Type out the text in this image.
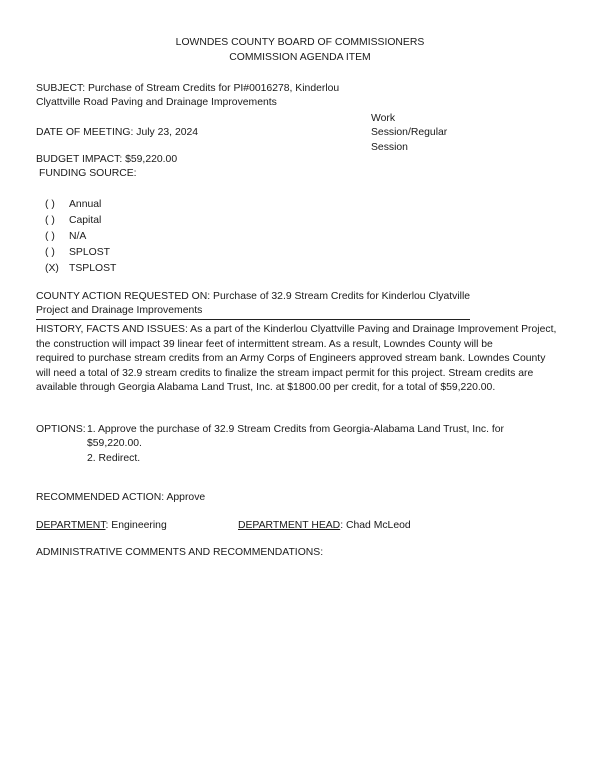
LOWNDES COUNTY BOARD OF COMMISSIONERS
COMMISSION AGENDA ITEM
SUBJECT: Purchase of Stream Credits for PI#0016278, Kinderlou
Clyattville Road Paving and Drainage Improvements
Work
Session/Regular
Session
DATE OF MEETING: July 23, 2024
BUDGET IMPACT: $59,220.00
FUNDING SOURCE:
( ) Annual
( ) Capital
( ) N/A
( ) SPLOST
(X) TSPLOST
COUNTY ACTION REQUESTED ON: Purchase of 32.9 Stream Credits for Kinderlou Clyatville
Project and Drainage Improvements
HISTORY, FACTS AND ISSUES: As a part of the Kinderlou Clyattville Paving and Drainage Improvement Project,
the construction will impact 39 linear feet of intermittent stream. As a result, Lowndes County will be
required to purchase stream credits from an Army Corps of Engineers approved stream bank. Lowndes County
will need a total of 32.9 stream credits to finalize the stream impact permit for this project. Stream credits are
available through Georgia Alabama Land Trust, Inc. at $1800.00 per credit, for a total of $59,220.00.
OPTIONS: 1. Approve the purchase of 32.9 Stream Credits from Georgia-Alabama Land Trust, Inc. for
$59,220.00.
2. Redirect.
RECOMMENDED ACTION: Approve
DEPARTMENT: Engineering	DEPARTMENT HEAD: Chad McLeod
ADMINISTRATIVE COMMENTS AND RECOMMENDATIONS:
